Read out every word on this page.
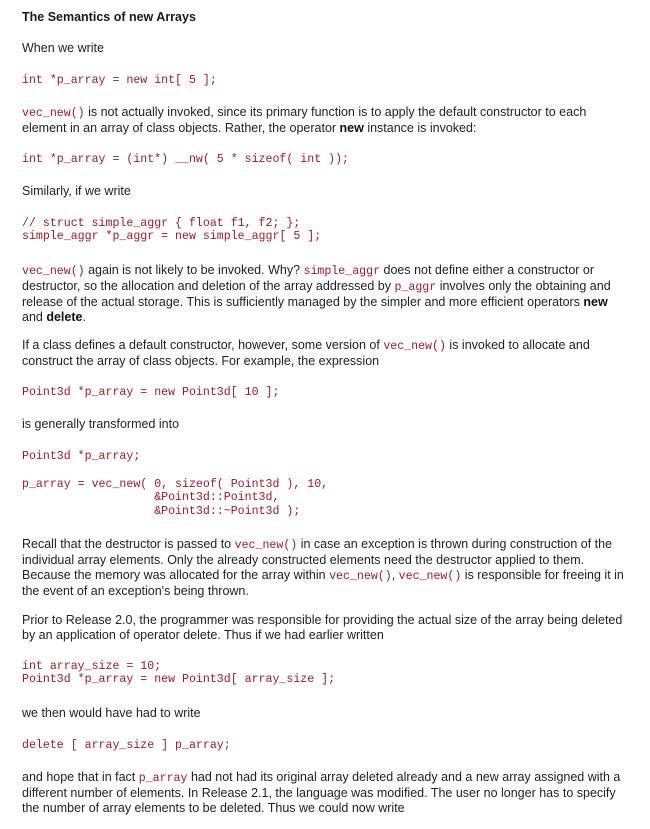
The Semantics of new Arrays

When we write

int *p_array = new int[ 5 ];

vec_new() is not actually invoked, since its primary function is to apply the default constructor to each element in an array of class objects. Rather, the operator new instance is invoked:

int *p_array = (int*) __nw( 5 * sizeof( int ));

Similarly, if we write

// struct simple_aggr { float f1, f2; };
simple_aggr *p_aggr = new simple_aggr[ 5 ];

vec_new() again is not likely to be invoked. Why? simple_aggr does not define either a constructor or destructor, so the allocation and deletion of the array addressed by p_aggr involves only the obtaining and release of the actual storage. This is sufficiently managed by the simpler and more efficient operators new and delete.

If a class defines a default constructor, however, some version of vec_new() is invoked to allocate and construct the array of class objects. For example, the expression

Point3d *p_array = new Point3d[ 10 ];

is generally transformed into

Point3d *p_array;
p_array = vec_new( 0, sizeof( Point3d ), 10,
&Point3d::Point3d,
&Point3d::~Point3d );

Recall that the destructor is passed to vec_new() in case an exception is thrown during construction of the individual array elements. Only the already constructed elements need the destructor applied to them. Because the memory was allocated for the array within vec_new(), vec_new() is responsible for freeing it in the event of an exception's being thrown.

Prior to Release 2.0, the programmer was responsible for providing the actual size of the array being deleted by an application of operator delete. Thus if we had earlier written

int array_size = 10;
Point3d *p_array = new Point3d[ array_size ];

we then would have had to write

delete [ array_size ] p_array;

and hope that in fact p_array had not had its original array deleted already and a new array assigned with a different number of elements. In Release 2.1, the language was modified. The user no longer has to specify the number of array elements to be deleted. Thus we could now write
